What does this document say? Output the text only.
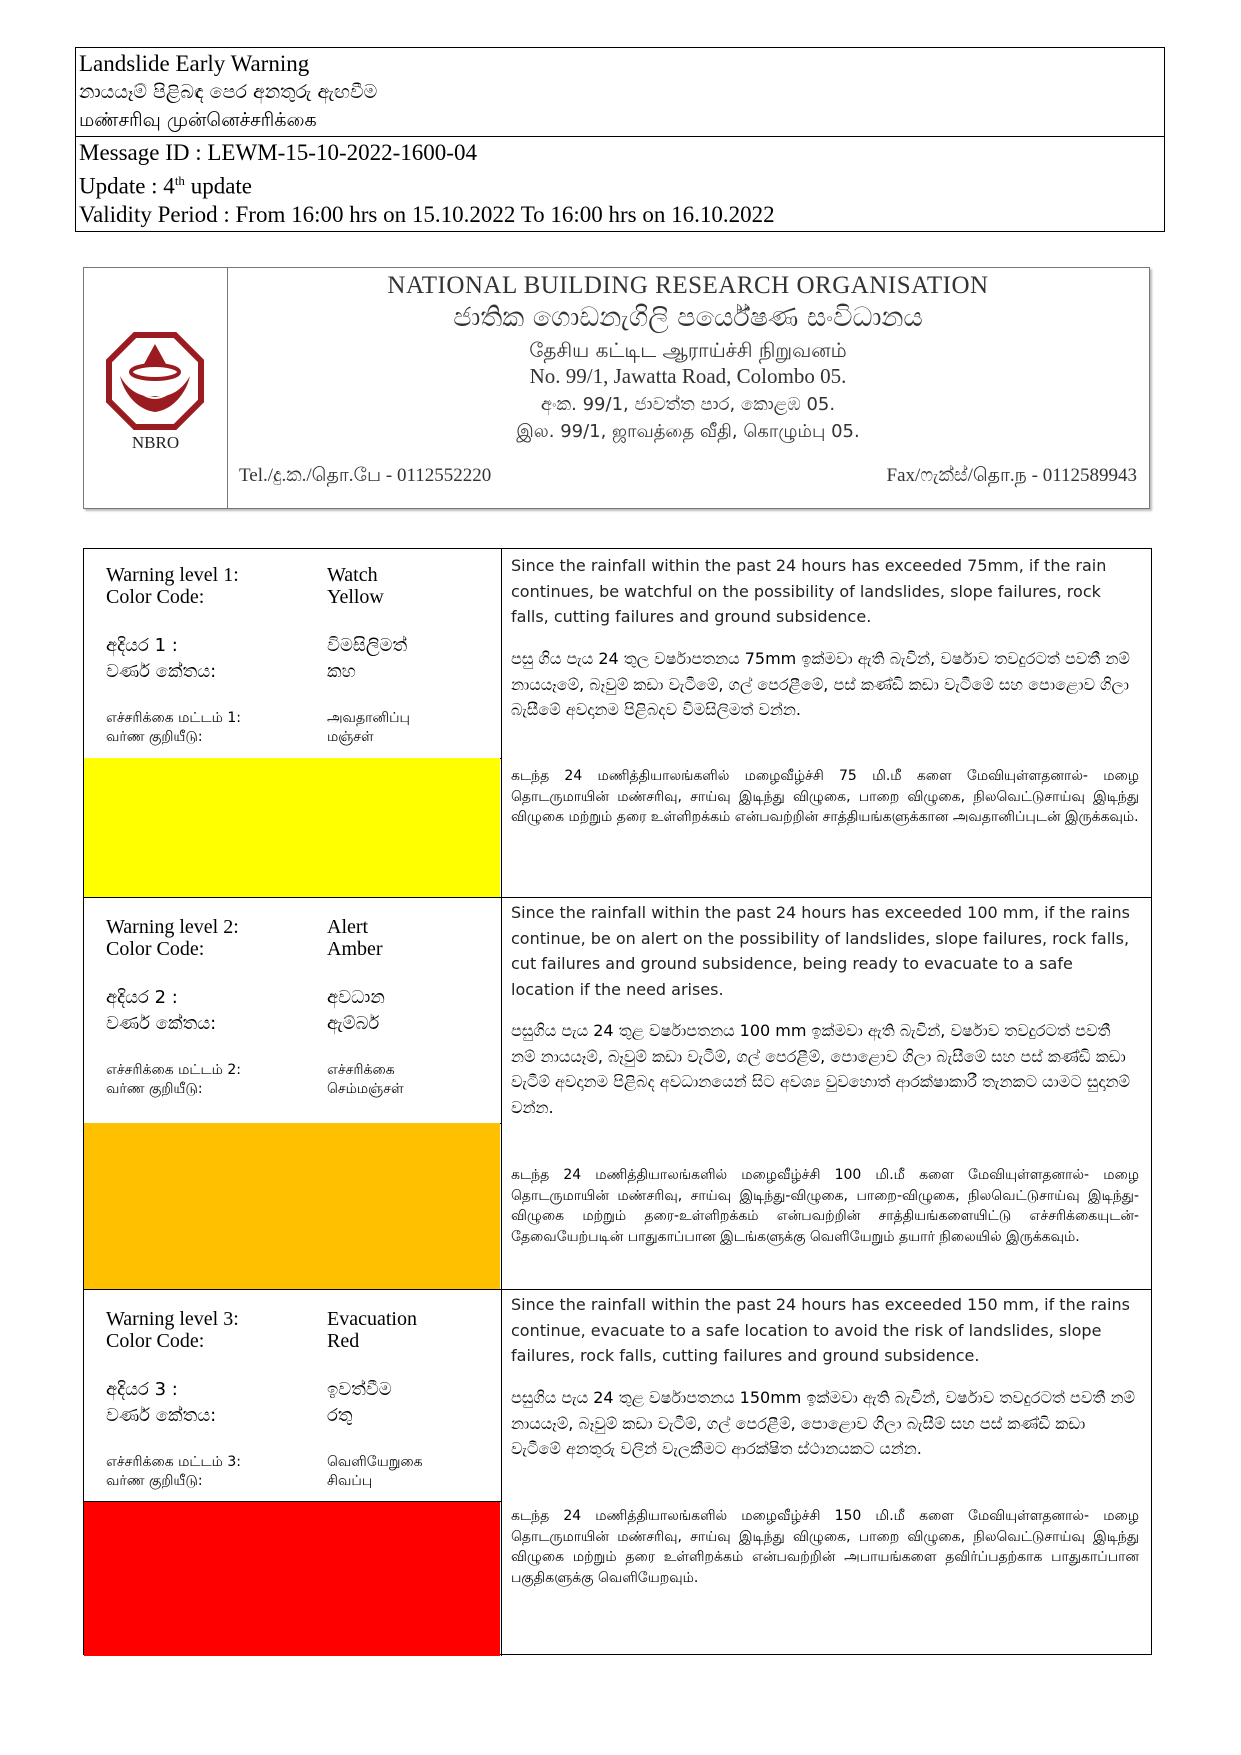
Landslide Early Warning
නායයෑම් පිළිබඳ පෙර අනතුරු ඇඟවීම
மண்சரிவு முன்னெச்சரிக்கை
Message ID : LEWM-15-10-2022-1600-04
Update : 4th update
Validity Period : From 16:00 hrs on 15.10.2022 To 16:00 hrs on 16.10.2022
NBRO
NATIONAL BUILDING RESEARCH ORGANISATION
ජාතික ගොඩනැගිලි පර්යේෂණ සංවිධානය
தேசிய கட்டிட ஆராய்ச்சி நிறுவனம்
No. 99/1, Jawatta Road, Colombo 05.
අංක. 99/1, ජාවත්ත පාර, කොළඹ 05.
இல. 99/1, ஜாவத்தை வீதி, கொழும்பு 05.
Tel./දු.ක./தொ.பே - 0112552220	Fax/ෆැක්ස්/தொ.ந - 0112589943
Warning level 1:	Watch
Color Code:	Yellow
අදියර 1 :	විමසිලිමත්
වර්ණ කේතය:	කහ
எச்சரிக்கை மட்டம் 1:	அவதானிப்பு
வர்ண குறியீடு:	மஞ்சள்
Since the rainfall within the past 24 hours has exceeded 75mm, if the rain continues, be watchful on the possibility of landslides, slope failures, rock falls, cutting failures and ground subsidence.
පසු ගිය පැය 24 තුල වර්ෂාපතනය 75mm ඉක්මවා ඇති බැවින්, වර්ෂාව තවදුරටත් පවතී නම් නායයෑමේ, බෑවුම් කඩා වැටීමේ, ගල් පෙරළීමේ, පස් කණ්ඩි කඩා වැටීමේ සහ පොළොව ගිලා බැසීමේ අවදානම පිළිබදව විමසිලිමත් වන්න.
கடந்த 24 மணித்தியாலங்களில் மழைவீழ்ச்சி 75 மி.மீ களை மேவியுள்ளதனால்- மழை தொடருமாயின் மண்சரிவு, சாய்வு இடிந்து விழுகை, பாறை விழுகை, நிலவெட்டுசாய்வு இடிந்து விழுகை மற்றும் தரை உள்ளிறக்கம் என்பவற்றின் சாத்தியங்களுக்கான அவதானிப்புடன் இருக்கவும்.
Warning level 2:	Alert
Color Code:	Amber
අදියර 2 :	අවධාන
වර්ණ කේතය:	ඇම්බර්
எச்சரிக்கை மட்டம் 2:	எச்சரிக்கை
வர்ண குறியீடு:	செம்மஞ்சள்
Since the rainfall within the past 24 hours has exceeded 100 mm, if the rains continue, be on alert on the possibility of landslides, slope failures, rock falls, cut failures and ground subsidence, being ready to evacuate to a safe location if the need arises.
පසුගිය පැය 24 තුළ වර්ෂාපතනය 100 mm ඉක්මවා ඇති බැවින්, වර්ෂාව තවදුරටත් පවතී නම් නායයෑම්, බෑවුම් කඩා වැටීම්, ගල් පෙරළීම්, පොළොව ගිලා බැසීමේ සහ පස් කණ්ඩි කඩා වැටීම් අවදානම පිළිබද අවධානයෙන් සිට අවශ්‍ය වුවහොත් ආරක්ෂාකාරී තැනකට යාමට සුදානම් වන්න.
கடந்த 24 மணித்தியாலங்களில் மழைவீழ்ச்சி 100 மி.மீ களை மேவியுள்ளதனால்- மழை தொடருமாயின் மண்சரிவு, சாய்வு இடிந்து-விழுகை, பாறை-விழுகை, நிலவெட்டுசாய்வு இடிந்து-விழுகை மற்றும் தரை-உள்ளிறக்கம் என்பவற்றின் சாத்தியங்களையிட்டு எச்சரிக்கையுடன்- தேவையேற்படின் பாதுகாப்பான இடங்களுக்கு வெளியேறும் தயார் நிலையில் இருக்கவும்.
Warning level 3:	Evacuation
Color Code:	Red
අදියර 3 :	ඉවත්වීම
වර්ණ කේතය:	රතු
எச்சரிக்கை மட்டம் 3:	வெளியேறுகை
வர்ண குறியீடு:	சிவப்பு
Since the rainfall within the past 24 hours has exceeded 150 mm, if the rains continue, evacuate to a safe location to avoid the risk of landslides, slope failures, rock falls, cutting failures and ground subsidence.
පසුගිය පැය 24 තුළ වර්ෂාපතනය 150mm ඉක්මවා ඇති බැවින්, වර්ෂාව තවදුරටත් පවතී නම් නායයෑම්, බෑවුම් කඩා වැටීම්, ගල් පෙරළීම්, පොළොව ගිලා බැසීම් සහ පස් කණ්ඩි කඩා වැටීමේ අනතුරු වලින් වැලකීමට ආරක්ෂිත ස්ථානයකට යන්න.
கடந்த 24 மணித்தியாலங்களில் மழைவீழ்ச்சி 150 மி.மீ களை மேவியுள்ளதனால்- மழை தொடருமாயின் மண்சரிவு, சாய்வு இடிந்து விழுகை, பாறை விழுகை, நிலவெட்டுசாய்வு இடிந்து விழுகை மற்றும் தரை உள்ளிறக்கம் என்பவற்றின் அபாயங்களை தவிர்ப்பதற்காக பாதுகாப்பான பகுதிகளுக்கு வெளியேறவும்.
